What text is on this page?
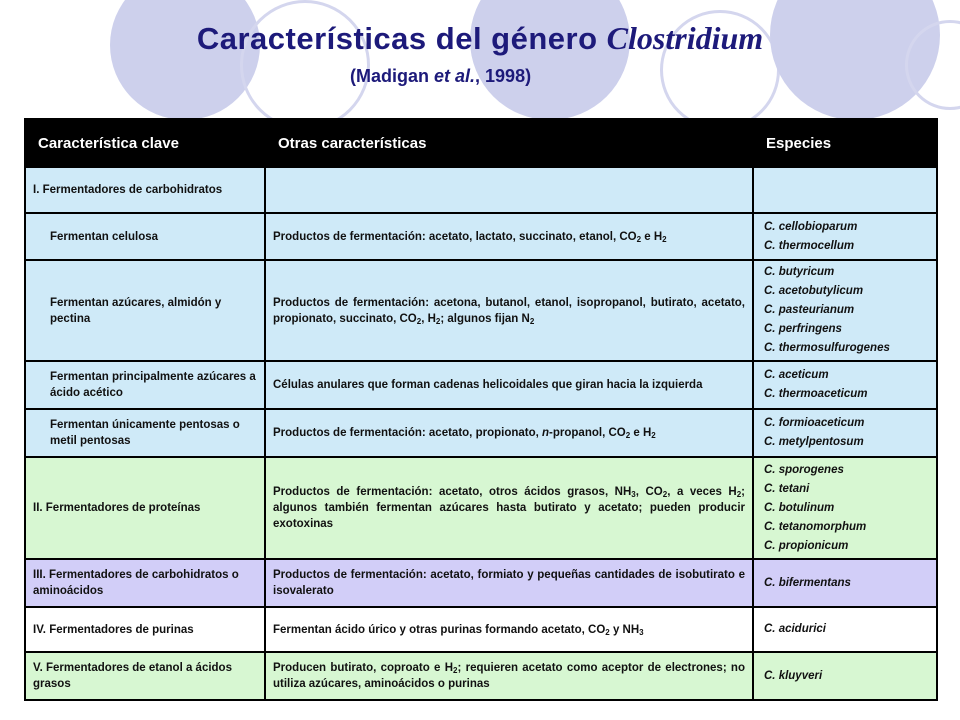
Características del género Clostridium
(Madigan et al., 1998)
Característica clave	Otras características	Especies
I. Fermentadores de carbohidratos		
Fermentan celulosa	Productos de fermentación: acetato, lactato, succinato, etanol, $CO_2$ e $H_2$	C. cellobioparum
C. thermocellum

Fermentan azúcares, almidón y pectina	Productos de fermentación: acetona, butanol, etanol, isopropanol, butirato, acetato, propionato, succinato, $CO_2$, $H_2$; algunos fijan $N_2$	C. butyricum
C. acetobutylicum
C. pasteurianum
C. perfringens
C. thermosulfurogenes

Fermentan principalmente azúcares a ácido acético	Células anulares que forman cadenas helicoidales que giran hacia la izquierda	C. aceticum
C. thermoaceticum

Fermentan únicamente pentosas o metil pentosas	Productos de fermentación: acetato, propionato, n-propanol, $CO_2$ e $H_2$	C. formioaceticum
C. metylpentosum

II. Fermentadores de proteínas	Productos de fermentación: acetato, otros ácidos grasos, $NH_3$, $CO_2$, a veces $H_2$; algunos también fermentan azúcares hasta butirato y acetato; pueden producir exotoxinas	C. sporogenes
C. tetani
C. botulinum
C. tetanomorphum
C. propionicum

III. Fermentadores de carbohidratos o aminoácidos	Productos de fermentación: acetato, formiato y pequeñas cantidades de isobutirato e isovalerato	C. bifermentans

IV. Fermentadores de purinas	Fermentan ácido úrico y otras purinas formando acetato, $CO_2$ y $NH_3$	C. acidurici

V. Fermentadores de etanol a ácidos grasos	Producen butirato, coproato e $H_2$; requieren acetato como aceptor de electrones; no utiliza azúcares, aminoácidos o purinas	C. kluyveri
